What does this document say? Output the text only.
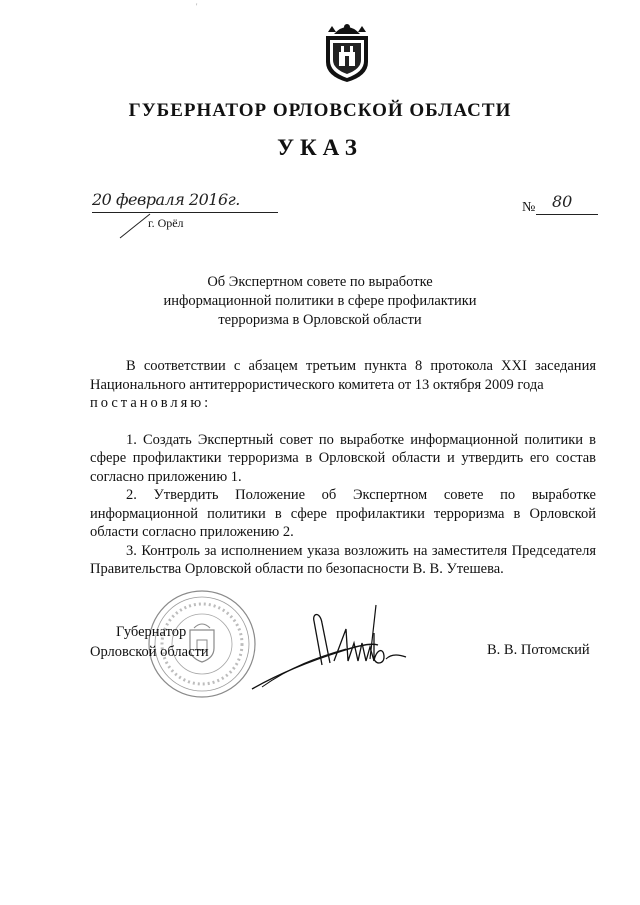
'
ГУБЕРНАТОР ОРЛОВСКОЙ ОБЛАСТИ
УКАЗ
20 февраля 2016г.
г. Орёл
№ 80
Об Экспертном совете по выработке
информационной политики в сфере профилактики
терроризма в Орловской области

В соответствии с абзацем третьим пункта 8 протокола XXI заседания Национального антитеррористического комитета от 13 октября 2009 года

постановляю:

1. Создать Экспертный совет по выработке информационной политики в сфере профилактики терроризма в Орловской области и утвердить его состав согласно приложению 1.

2. Утвердить Положение об Экспертном совете по выработке информационной политики в сфере профилактики терроризма в Орловской области согласно приложению 2.

3. Контроль за исполнением указа возложить на заместителя Председателя Правительства Орловской области по безопасности В. В. Утешева.

Губернатор
Орловской области	В. В. Потомский
